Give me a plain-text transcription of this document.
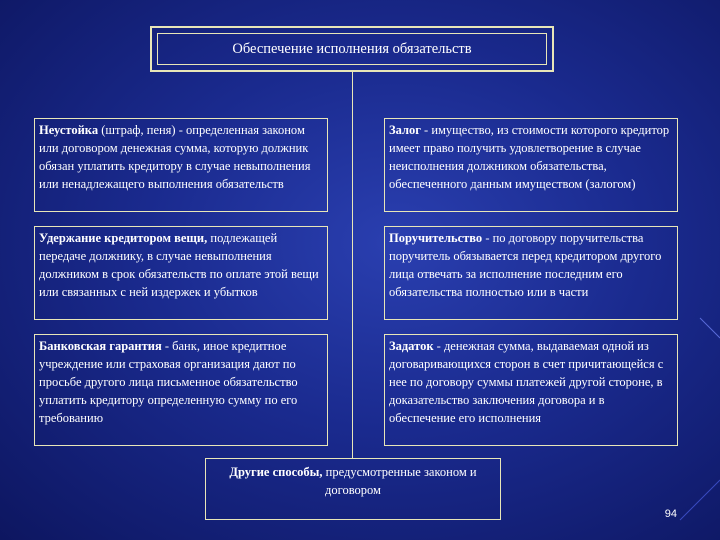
Обеспечение исполнения обязательств
Неустойка (штраф, пеня) - определенная законом или договором денежная сумма, которую должник обязан уплатить кредитору в случае невыполнения или ненадлежащего выполнения обязательств
Залог - имущество, из стоимости которого кредитор имеет право получить удовлетворение в случае неисполнения должником обязательства, обеспеченного данным имуществом (залогом)
Удержание кредитором вещи, подлежащей передаче должнику, в случае невыполнения должником в срок обязательств по оплате этой вещи или связанных с ней издержек и убытков
Поручительство - по договору поручительства поручитель обязывается перед кредитором другого лица отвечать за исполнение последним его обязательства полностью или в части
Банковская гарантия - банк, иное кредитное учреждение или страховая организация дают по просьбе другого лица письменное обязательство уплатить кредитору определенную сумму по его требованию
Задаток - денежная сумма, выдаваемая одной из договаривающихся сторон в счет причитающейся с нее по договору суммы платежей другой стороне, в доказательство заключения договора и в обеспечение его исполнения
Другие способы, предусмотренные законом и договором
94
